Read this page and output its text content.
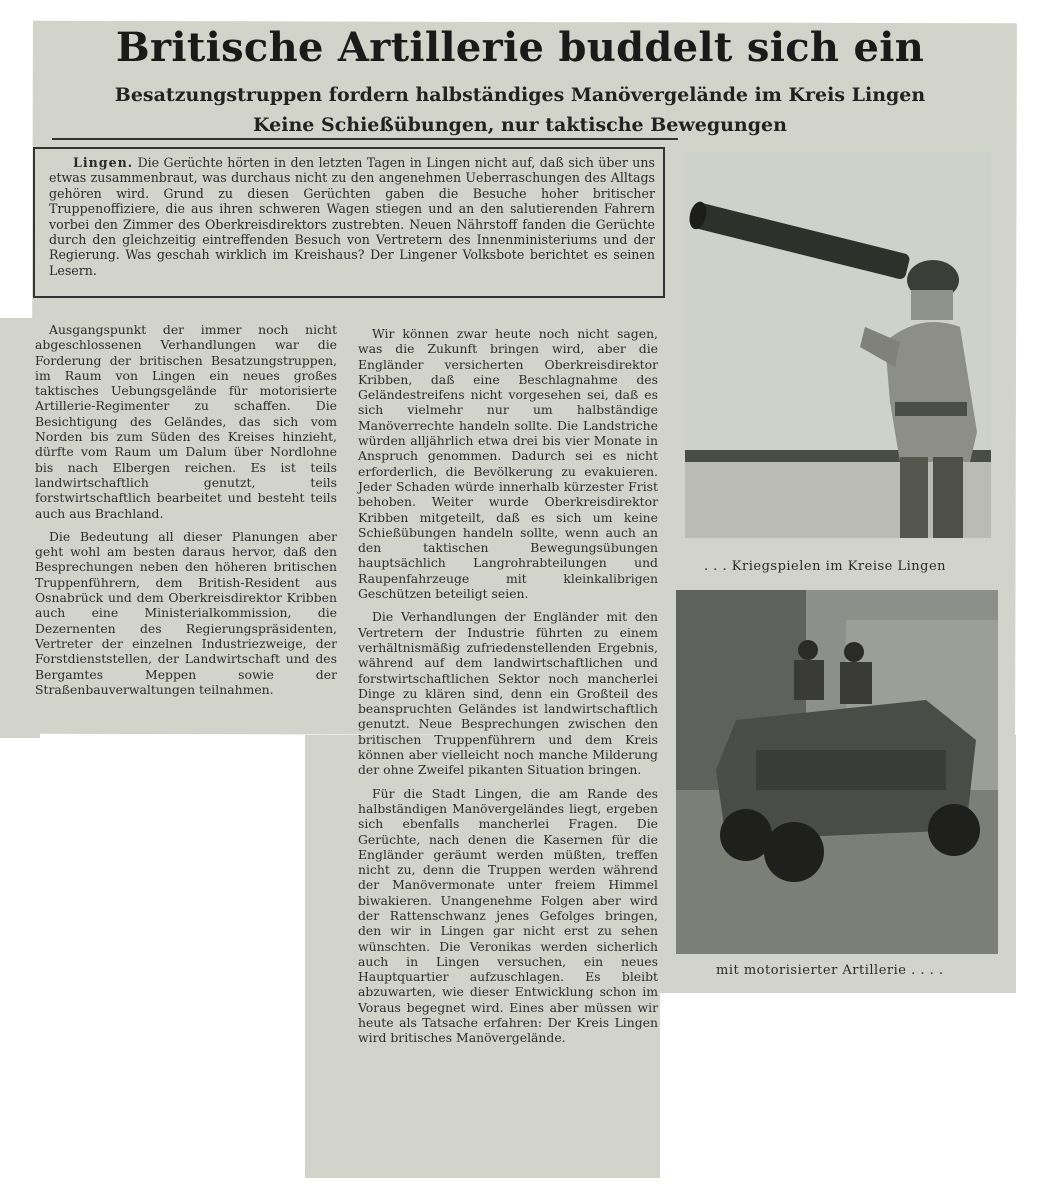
Britische Artillerie buddelt sich ein
Besatzungstruppen fordern halbständiges Manövergelände im Kreis Lingen
Keine Schießübungen, nur taktische Bewegungen

Lingen. Die Gerüchte hörten in den letzten Tagen in Lingen nicht auf, daß sich über uns etwas zusammenbraut, was durchaus nicht zu den angenehmen Ueberraschungen des Alltags gehören wird. Grund zu diesen Gerüchten gaben die Besuche hoher britischer Truppenoffiziere, die aus ihren schweren Wagen stiegen und an den salutierenden Fahrern vorbei den Zimmer des Oberkreisdirektors zustrebten. Neuen Nährstoff fanden die Gerüchte durch den gleichzeitig eintreffenden Besuch von Vertretern des Innenministeriums und der Regierung. Was geschah wirklich im Kreishaus? Der Lingener Volksbote berichtet es seinen Lesern.

Ausgangspunkt der immer noch nicht abgeschlossenen Verhandlungen war die Forderung der britischen Besatzungstruppen, im Raum von Lingen ein neues großes taktisches Uebungsgelände für motorisierte Artillerie-Regimenter zu schaffen. Die Besichtigung des Geländes, das sich vom Norden bis zum Süden des Kreises hinzieht, dürfte vom Raum um Dalum über Nordlohne bis nach Elbergen reichen. Es ist teils landwirtschaftlich genutzt, teils forstwirtschaftlich bearbeitet und besteht teils auch aus Brachland.

Die Bedeutung all dieser Planungen aber geht wohl am besten daraus hervor, daß den Besprechungen neben den höheren britischen Truppenführern, dem British-Resident aus Osnabrück und dem Oberkreisdirektor Kribben auch eine Ministerialkommission, die Dezernenten des Regierungspräsidenten, Vertreter der einzelnen Industriezweige, der Forstdienststellen, der Landwirtschaft und des Bergamtes Meppen sowie der Straßenbauverwaltungen teilnahmen.

Wir können zwar heute noch nicht sagen, was die Zukunft bringen wird, aber die Engländer versicherten Oberkreisdirektor Kribben, daß eine Beschlagnahme des Geländestreifens nicht vorgesehen sei, daß es sich vielmehr nur um halbständige Manöverrechte handeln sollte. Die Landstriche würden alljährlich etwa drei bis vier Monate in Anspruch genommen. Dadurch sei es nicht erforderlich, die Bevölkerung zu evakuieren. Jeder Schaden würde innerhalb kürzester Frist behoben. Weiter wurde Oberkreisdirektor Kribben mitgeteilt, daß es sich um keine Schießübungen handeln sollte, wenn auch an den taktischen Bewegungsübungen hauptsächlich Langrohrabteilungen und Raupenfahrzeuge mit kleinkalibrigen Geschützen beteiligt seien.

Die Verhandlungen der Engländer mit den Vertretern der Industrie führten zu einem verhältnismäßig zufriedenstellenden Ergebnis, während auf dem landwirtschaftlichen und forstwirtschaftlichen Sektor noch mancherlei Dinge zu klären sind, denn ein Großteil des beanspruchten Geländes ist landwirtschaftlich genutzt. Neue Besprechungen zwischen den britischen Truppenführern und dem Kreis können aber vielleicht noch manche Milderung der ohne Zweifel pikanten Situation bringen.

Für die Stadt Lingen, die am Rande des halbständigen Manövergeländes liegt, ergeben sich ebenfalls mancherlei Fragen. Die Gerüchte, nach denen die Kasernen für die Engländer geräumt werden müßten, treffen nicht zu, denn die Truppen werden während der Manövermonate unter freiem Himmel biwakieren. Unangenehme Folgen aber wird der Rattenschwanz jenes Gefolges bringen, den wir in Lingen gar nicht erst zu sehen wünschten. Die Veronikas werden sicherlich auch in Lingen versuchen, ein neues Hauptquartier aufzuschlagen. Es bleibt abzuwarten, wie dieser Entwicklung schon im Voraus begegnet wird. Eines aber müssen wir heute als Tatsache erfahren: Der Kreis Lingen wird britisches Manövergelände.

. . . Kriegspielen im Kreise Lingen
mit motorisierter Artillerie . . . .
